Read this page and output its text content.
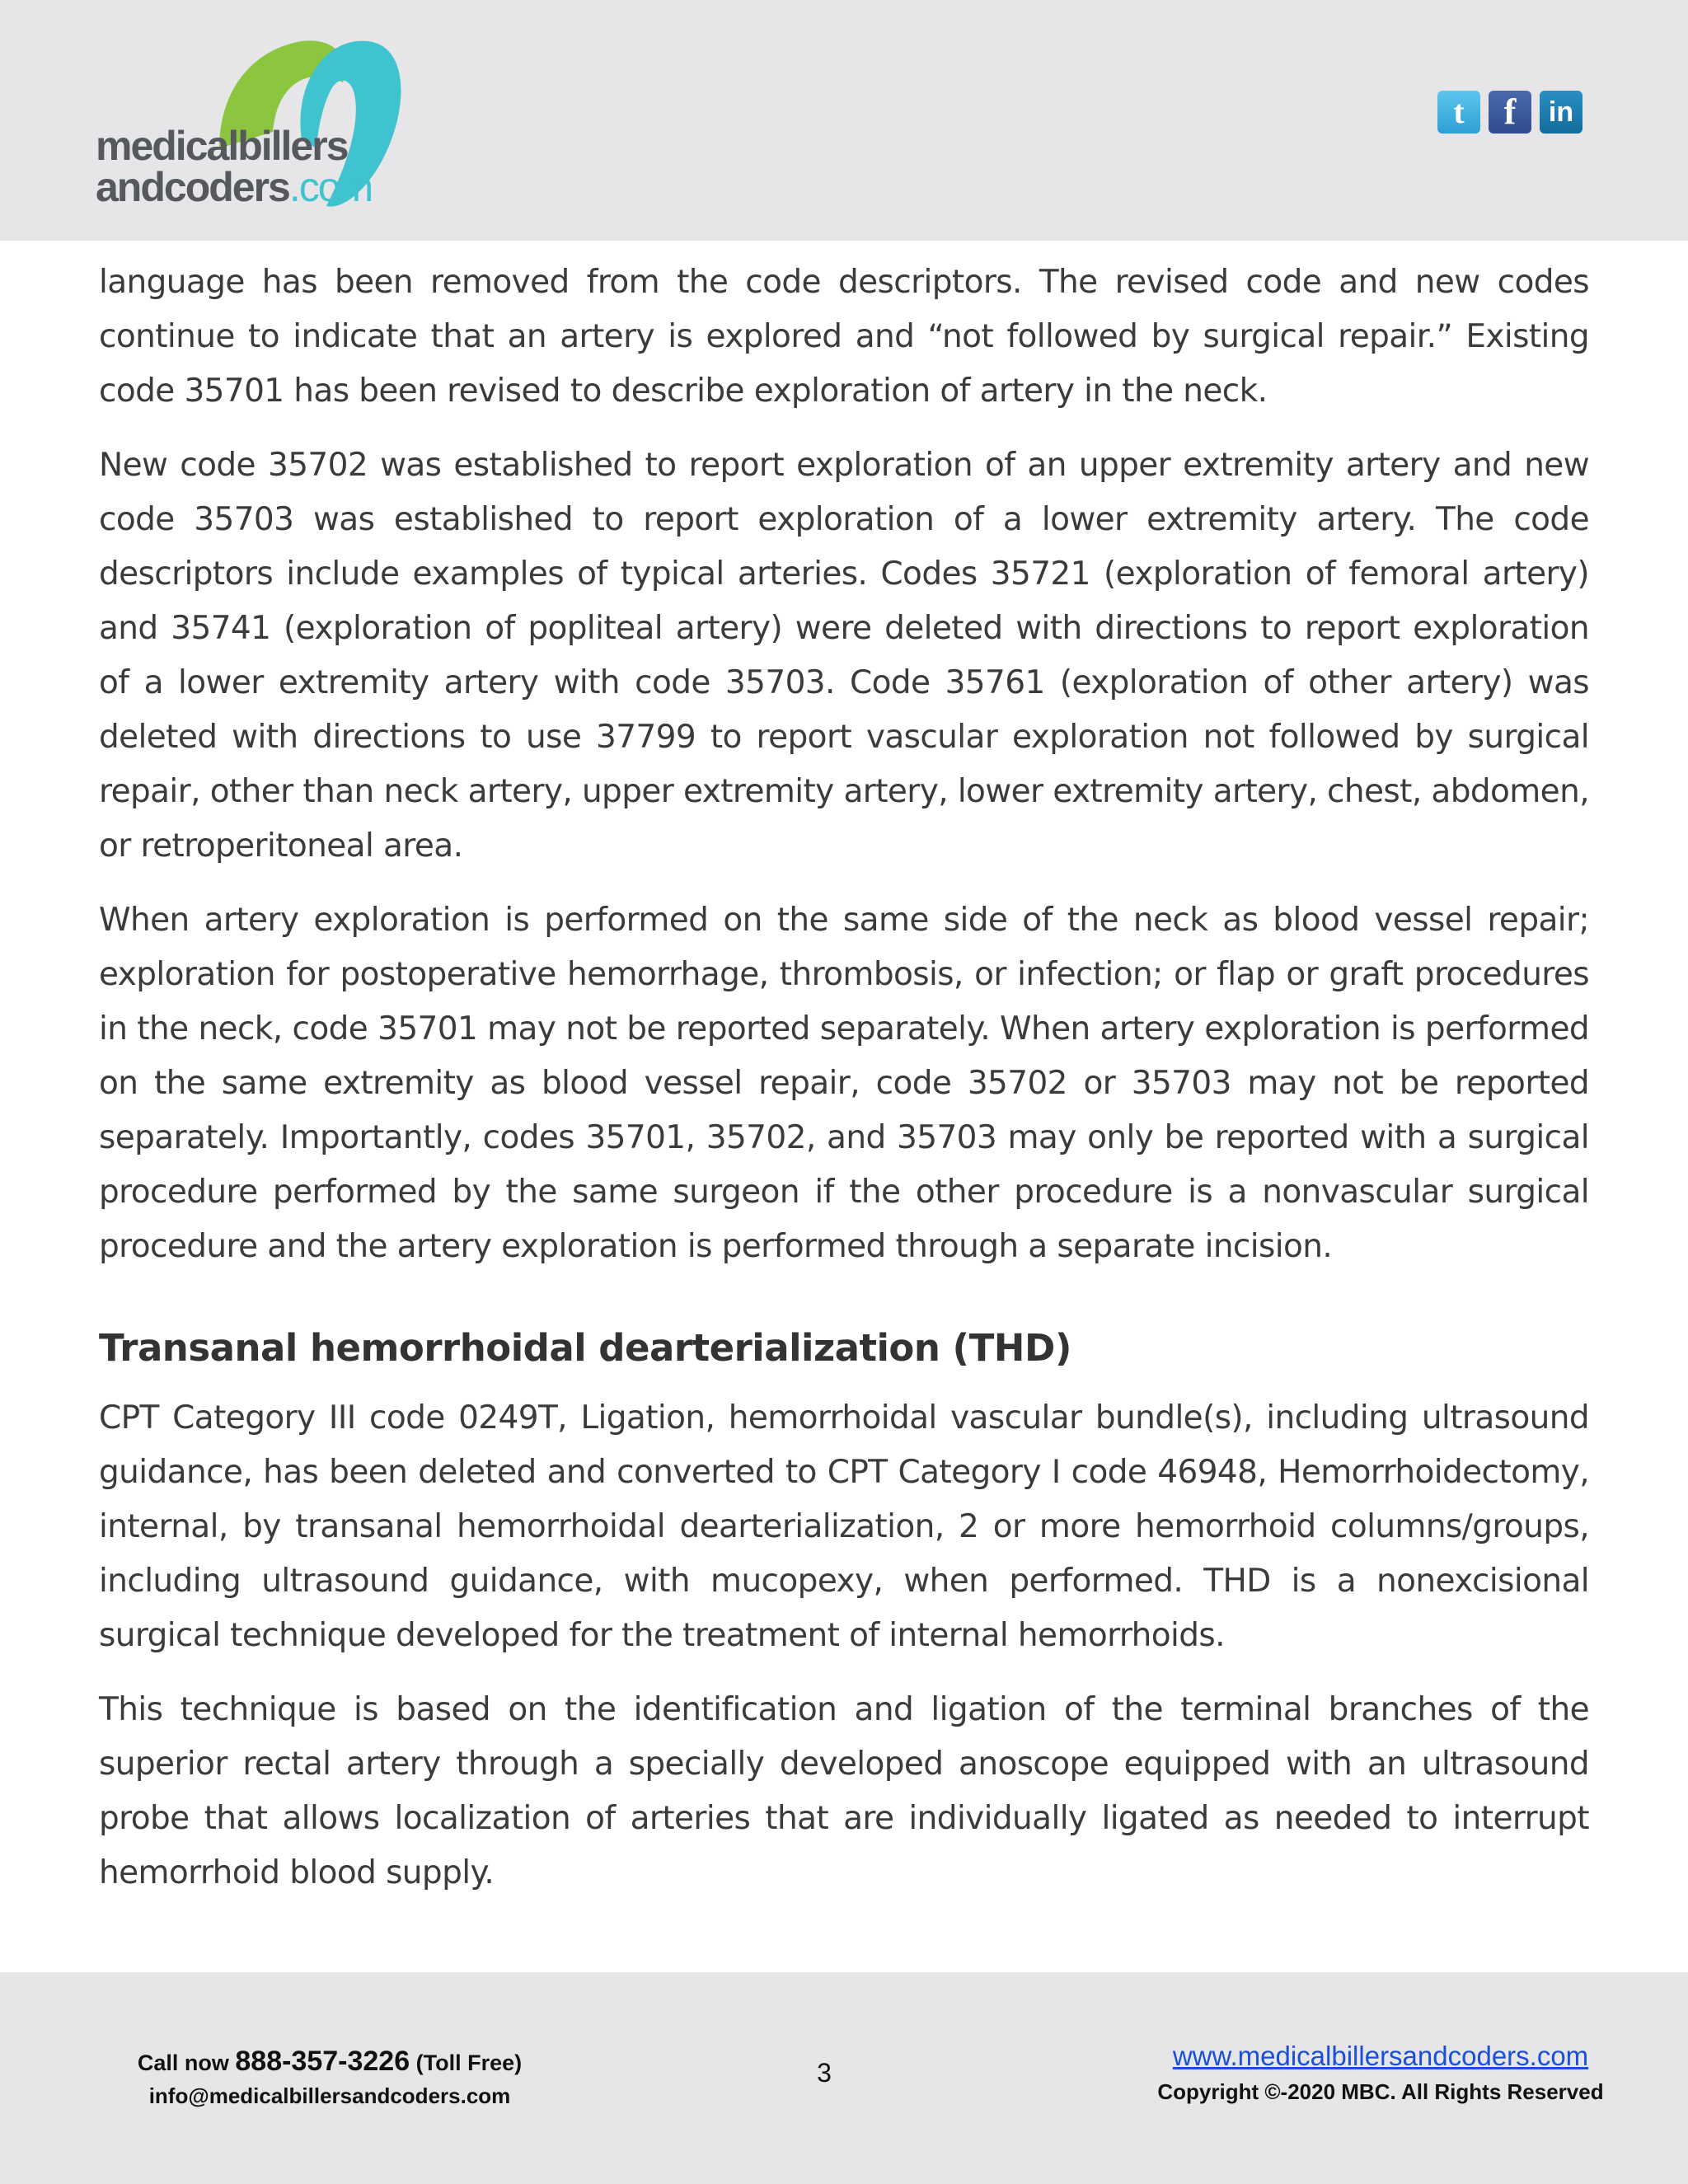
medicalbillers
andcoders.com
t	f	in

language has been removed from the code descriptors. The revised code and new codes continue to indicate that an artery is explored and “not followed by surgical repair.” Existing code 35701 has been revised to describe exploration of artery in the neck.

New code 35702 was established to report exploration of an upper extremity artery and new code 35703 was established to report exploration of a lower extremity artery. The code descriptors include examples of typical arteries. Codes 35721 (exploration of femoral artery) and 35741 (exploration of popliteal artery) were deleted with directions to report exploration of a lower extremity artery with code 35703. Code 35761 (exploration of other artery) was deleted with directions to use 37799 to report vascular exploration not followed by surgical repair, other than neck artery, upper extremity artery, lower extremity artery, chest, abdomen, or retroperitoneal area.

When artery exploration is performed on the same side of the neck as blood vessel repair; exploration for postoperative hemorrhage, thrombosis, or infection; or flap or graft procedures in the neck, code 35701 may not be reported separately. When artery exploration is performed on the same extremity as blood vessel repair, code 35702 or 35703 may not be reported separately. Importantly, codes 35701, 35702, and 35703 may only be reported with a surgical procedure performed by the same surgeon if the other procedure is a nonvascular surgical procedure and the artery exploration is performed through a separate incision.

Transanal hemorrhoidal dearterialization (THD)

CPT Category III code 0249T, Ligation, hemorrhoidal vascular bundle(s), including ultrasound guidance, has been deleted and converted to CPT Category I code 46948, Hemorrhoidectomy, internal, by transanal hemorrhoidal dearterialization, 2 or more hemorrhoid columns/groups, including ultrasound guidance, with mucopexy, when performed. THD is a nonexcisional surgical technique developed for the treatment of internal hemorrhoids.

This technique is based on the identification and ligation of the terminal branches of the superior rectal artery through a specially developed anoscope equipped with an ultrasound probe that allows localization of arteries that are individually ligated as needed to interrupt hemorrhoid blood supply.

Call now 888-357-3226 (Toll Free)
info@medicalbillersandcoders.com
3
www.medicalbillersandcoders.com
Copyright ©-2020 MBC. All Rights Reserved
